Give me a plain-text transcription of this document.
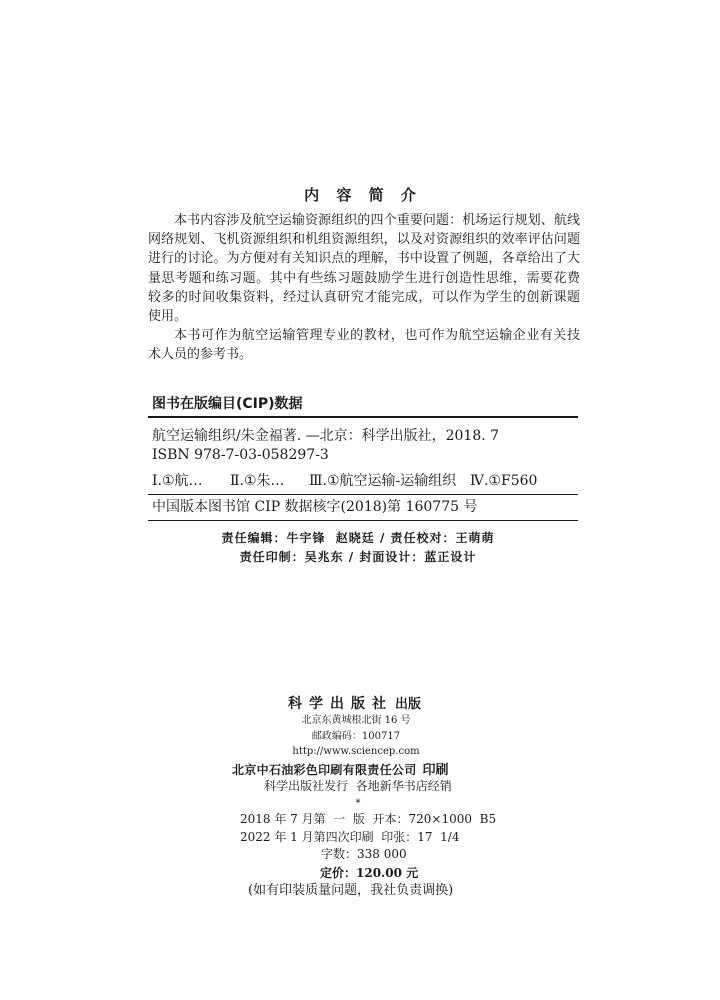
内 容 简 介
本书内容涉及航空运输资源组织的四个重要问题：机场运行规划、航线
网络规划、飞机资源组织和机组资源组织，以及对资源组织的效率评估问题
进行的讨论。为方便对有关知识点的理解，书中设置了例题，各章给出了大
量思考题和练习题。其中有些练习题鼓励学生进行创造性思维，需要花费
较多的时间收集资料，经过认真研究才能完成，可以作为学生的创新课题
使用。
本书可作为航空运输管理专业的教材，也可作为航空运输企业有关技
术人员的参考书。
图书在版编目(CIP)数据
航空运输组织/朱金福著. —北京：科学出版社，2018. 7
ISBN 978-7-03-058297-3
Ⅰ.①航… Ⅱ.①朱… Ⅲ.①航空运输-运输组织 Ⅳ.①F560
中国版本图书馆 CIP 数据核字(2018)第 160775 号
责任编辑：牛宇锋  赵晓廷 / 责任校对：王萌萌
责任印制：吴兆东 / 封面设计：蓝正设计
科学出版社 出版
北京东黄城根北街 16 号
邮政编码：100717
http://www.sciencep.com
北京中石油彩色印刷有限责任公司 印刷
科学出版社发行  各地新华书店经销
*
2018 年 7 月第  一  版  开本：720×1000  B5
2022 年 1 月第四次印刷  印张：17  1/4
字数：338 000
定价：120.00 元
(如有印装质量问题，我社负责调换)
